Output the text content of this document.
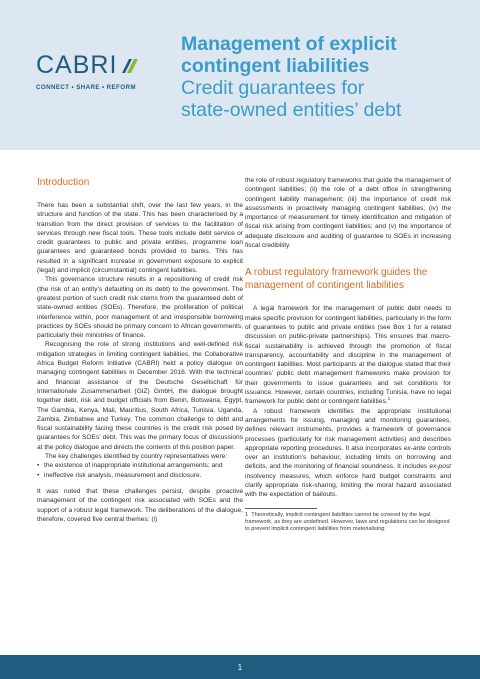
CABRI
CONNECT • SHARE • REFORM
Management of explicit
contingent liabilities
Credit guarantees for
state-owned entities’ debt
Introduction

There has been a substantial shift, over the last few years, in the structure and function of the state. This has been characterised by a transition from the direct provision of services to the facilitation of services through new fiscal tools. These tools include debt service or credit guarantees to public and private entities, programme loan guarantees and guaranteed bonds provided to banks. This has resulted in a significant increase in government exposure to explicit (legal) and implicit (circumstantial) contingent liabilities.

This governance structure results in a repositioning of credit risk (the risk of an entity’s defaulting on its debt) to the government. The greatest portion of such credit risk stems from the guaranteed debt of state-owned entities (SOEs). Therefore, the proliferation of political interference within, poor management of and irresponsible borrowing practices by SOEs should be primary concern to African governments, particularly their ministries of finance.

Recognising the role of strong institutions and well-defined risk mitigation strategies in limiting contingent liabilities, the Collaborative Africa Budget Reform Initiative (CABRI) held a policy dialogue on managing contingent liabilities in December 2016. With the technical and financial assistance of the Deutsche Gesellschaft für Internationale Zusammenarbeit (GIZ) GmbH, the dialogue brought together debt, risk and budget officials from Benin, Botswana, Egypt, The Gambia, Kenya, Mali, Mauritius, South Africa, Tunisia, Uganda, Zambia, Zimbabwe and Turkey. The common challenge to debt and fiscal sustainability facing these countries is the credit risk posed by guarantees for SOEs’ debt. This was the primary focus of discussions at the policy dialogue and directs the contents of this position paper.

The key challenges identified by country representatives were:

• the existence of inappropriate institutional arrangements; and
• ineffective risk analysis, measurement and disclosure.

It was noted that these challenges persist, despite proactive management of the contingent risk associated with SOEs and the support of a robust legal framework. The deliberations of the dialogue, therefore, covered five central themes: (i)

the role of robust regulatory frameworks that guide the management of contingent liabilities; (ii) the role of a debt office in strengthening contingent liability management; (iii) the importance of credit risk assessments in proactively managing contingent liabilities; (iv) the importance of measurement for timely identification and mitigation of fiscal risk arising from contingent liabilities; and (v) the importance of adequate disclosure and auditing of guarantee to SOEs in increasing fiscal credibility.

A robust regulatory framework guides the
management of contingent liabilities

A legal framework for the management of public debt needs to make specific provision for contingent liabilities, particularly in the form of guarantees to public and private entities (see Box 1 for a related discussion on public-private partnerships). This ensures that macro-fiscal sustainability is achieved through the promotion of fiscal transparency, accountability and discipline in the management of contingent liabilities. Most participants at the dialogue stated that their countries’ public debt management frameworks make provision for their governments to issue guarantees and set conditions for issuance. However, certain countries, including Tunisia, have no legal framework for public debt or contingent liabilities.$^1$

A robust framework identifies the appropriate institutional arrangements for issuing, managing and monitoring guarantees, defines relevant instruments, provides a framework of governance processes (particularly for risk management activities) and describes appropriate reporting procedures. It also incorporates ex-ante controls over an institution’s behaviour, including limits on borrowing and deficits, and the monitoring of financial soundness. It includes ex-post insolvency measures, which enforce hard budget constraints and clarify appropriate risk-sharing, limiting the moral hazard associated with the expectation of bailouts.

1 Theoretically, implicit contingent liabilities cannot be covered by the legal framework, as they are undefined. However, laws and regulations can be designed to prevent implicit contingent liabilities from materialising.
1
